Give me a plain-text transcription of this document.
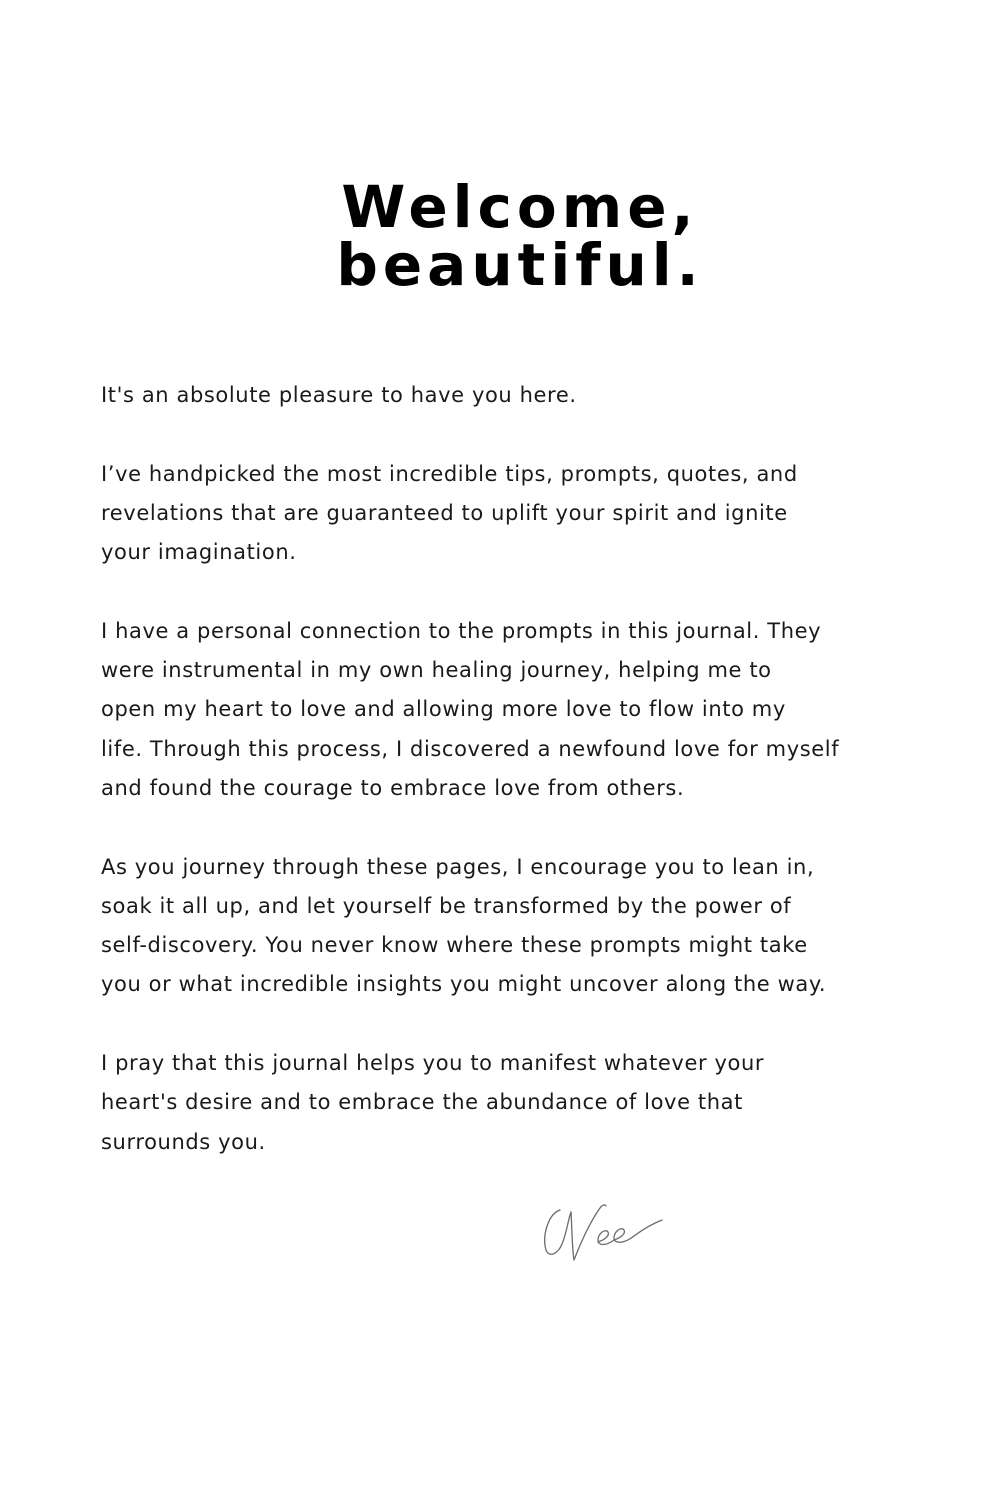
Welcome,
beautiful.

It's an absolute pleasure to have you here.

I’ve handpicked the most incredible tips, prompts, quotes, and
revelations that are guaranteed to uplift your spirit and ignite
your imagination.

I have a personal connection to the prompts in this journal. They
were instrumental in my own healing journey, helping me to
open my heart to love and allowing more love to flow into my
life. Through this process, I discovered a newfound love for myself
and found the courage to embrace love from others.

As you journey through these pages, I encourage you to lean in,
soak it all up, and let yourself be transformed by the power of
self-discovery. You never know where these prompts might take
you or what incredible insights you might uncover along the way.

I pray that this journal helps you to manifest whatever your
heart's desire and to embrace the abundance of love that
surrounds you.
